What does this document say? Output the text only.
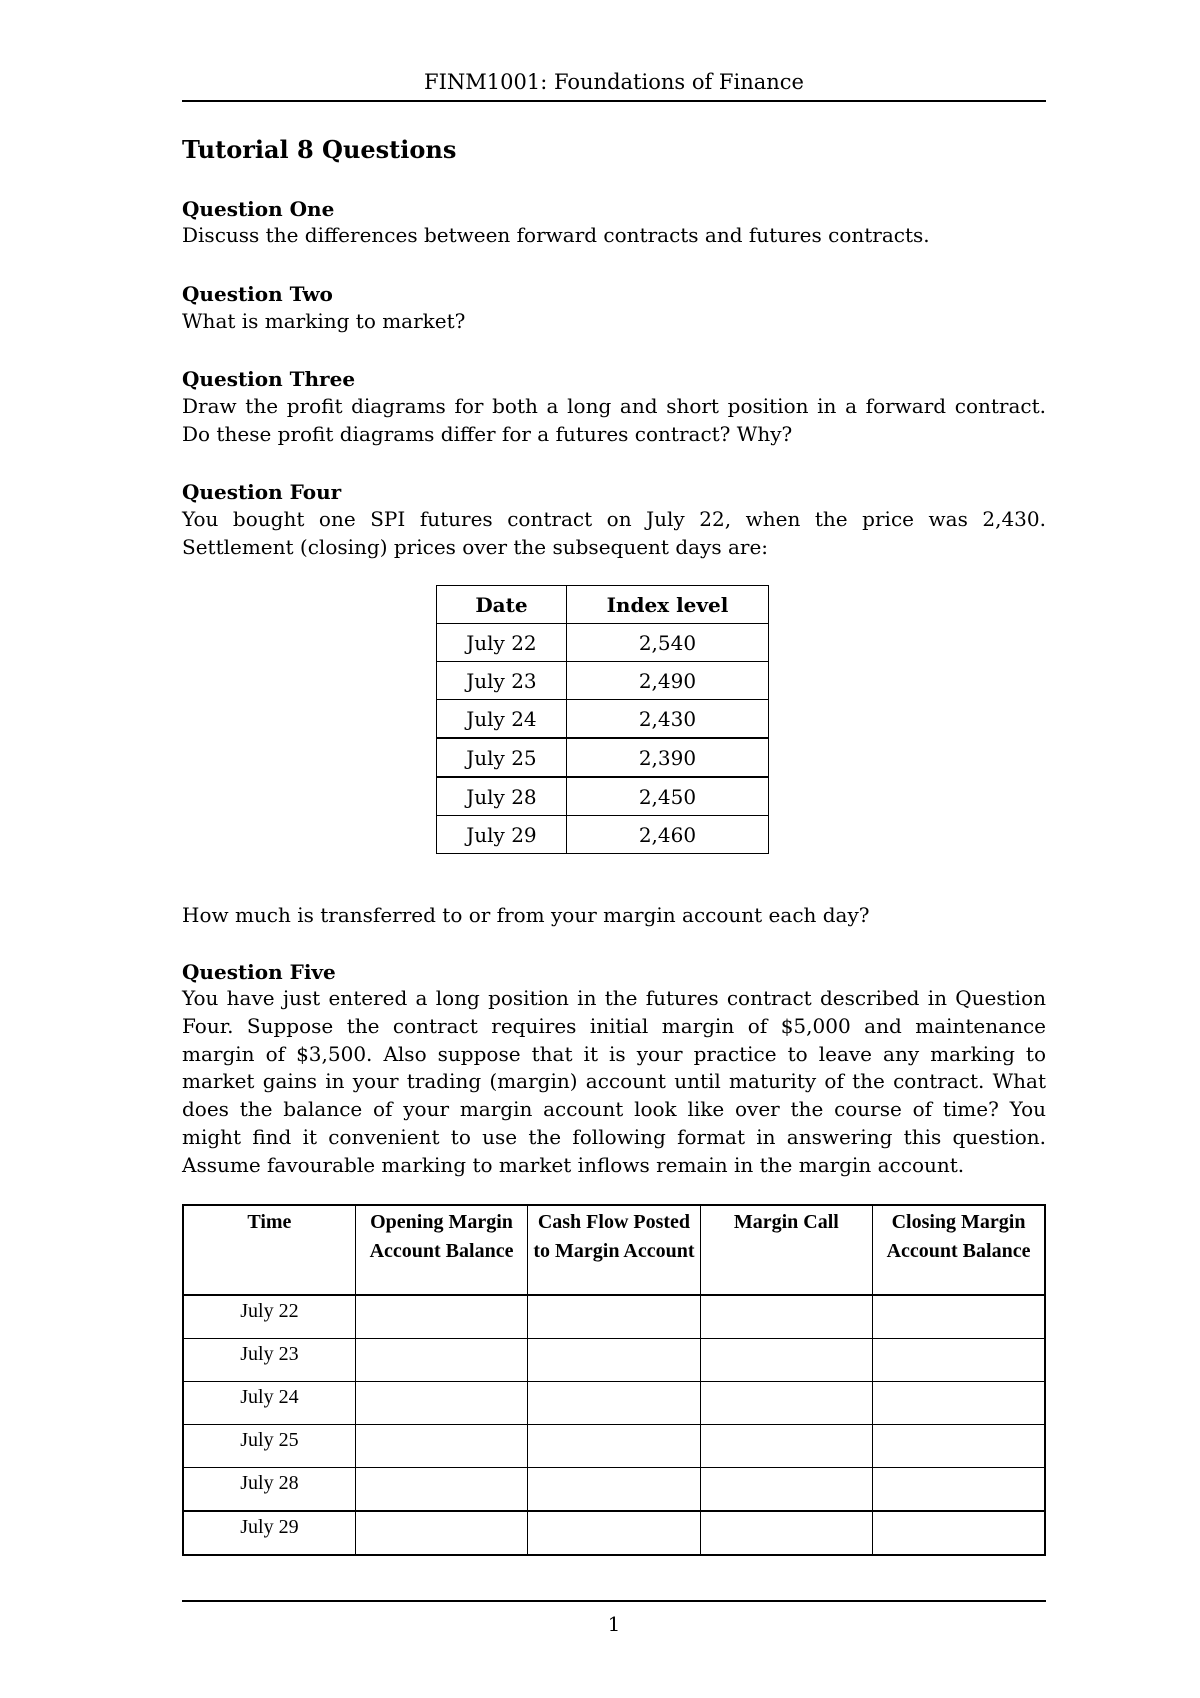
FINM1001: Foundations of Finance
Tutorial 8 Questions
Question One
Discuss the differences between forward contracts and futures contracts.
Question Two
What is marking to market?
Question Three
Draw the profit diagrams for both a long and short position in a forward contract. Do these profit diagrams differ for a futures contract? Why?
Question Four
You bought one SPI futures contract on July 22, when the price was 2,430. Settlement (closing) prices over the subsequent days are:
Date	Index level
July 22	2,540
July 23	2,490
July 24	2,430
July 25	2,390
July 28	2,450
July 29	2,460
How much is transferred to or from your margin account each day?
Question Five
You have just entered a long position in the futures contract described in Question Four. Suppose the contract requires initial margin of $5,000 and maintenance margin of $3,500. Also suppose that it is your practice to leave any marking to market gains in your trading (margin) account until maturity of the contract. What does the balance of your margin account look like over the course of time? You might find it convenient to use the following format in answering this question. Assume favourable marking to market inflows remain in the margin account.
Time	Opening Margin Account Balance	Cash Flow Posted to Margin Account	Margin Call	Closing Margin Account Balance
July 22				
July 23				
July 24				
July 25				
July 28				
July 29				
1
